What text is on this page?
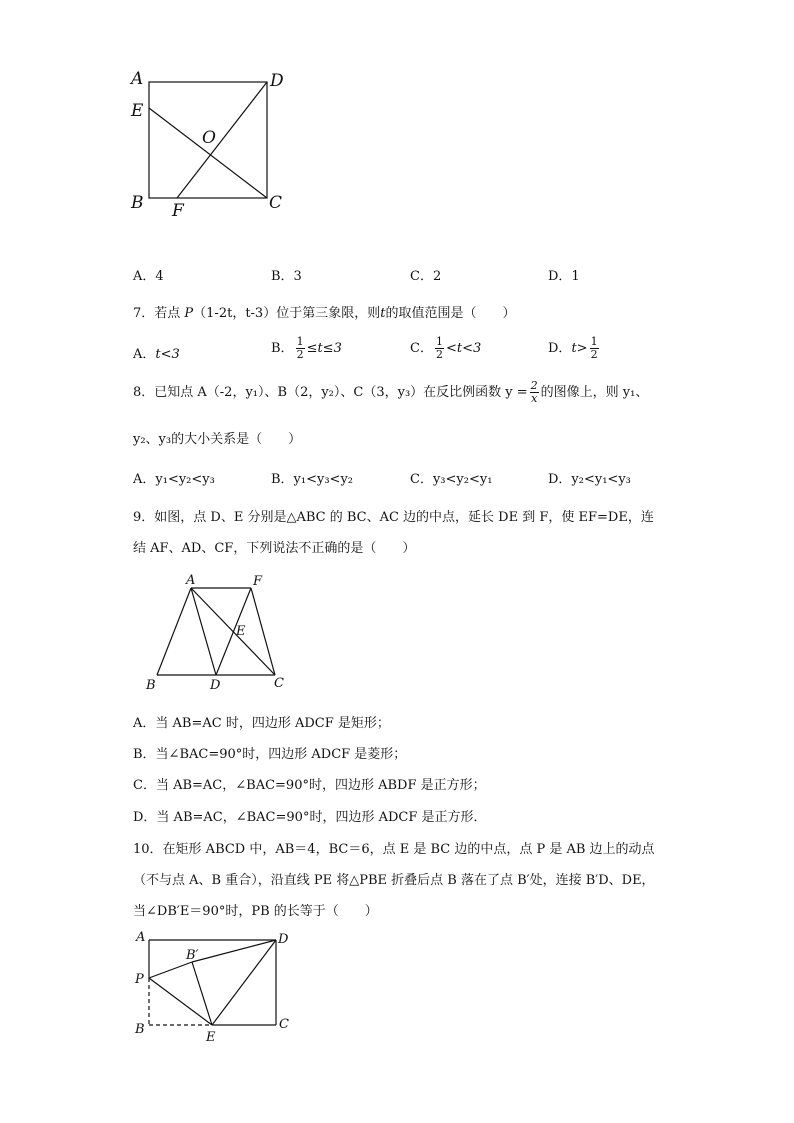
A	D
E
O
B F	C
A．4	B．3	C．2	D．1
7．若点 P（1-2t，t-3）位于第三象限，则t的取值范围是（　　）
A．t<3	B． $\frac{1}{2} \le t\le 3$	C． $\frac{1}{2} <t<3$	D．$t> \frac{1}{2}$
8．已知点 A（-2，y₁）、B（2，y₂）、C（3，y₃）在反比例函数 $y = \frac{2}{x}$ 的图像上，则 y₁、
y₂、y₃的大小关系是（　　）
A．y₁<y₂<y₃	B．y₁<y₃<y₂	C．y₃<y₂<y₁	D．y₂<y₁<y₃
9．如图，点 D、E 分别是△ABC 的 BC、AC 边的中点，延长 DE 到 F，使 EF=DE，连
结 AF、AD、CF，下列说法不正确的是（　　）
A	F
E
B	D	C
A．当 AB=AC 时，四边形 ADCF 是矩形；
B．当∠BAC=90°时，四边形 ADCF 是菱形；
C．当 AB=AC，∠BAC=90°时，四边形 ABDF 是正方形；
D．当 AB=AC，∠BAC=90°时，四边形 ADCF 是正方形．
10．在矩形 ABCD 中，AB＝4，BC＝6，点 E 是 BC 边的中点，点 P 是 AB 边上的动点
（不与点 A、B 重合），沿直线 PE 将△PBE 折叠后点 B 落在了点 B′处，连接 B′D、DE，
当∠DB′E＝90°时，PB 的长等于（　　）
A	D
B′
P
B
E
C
